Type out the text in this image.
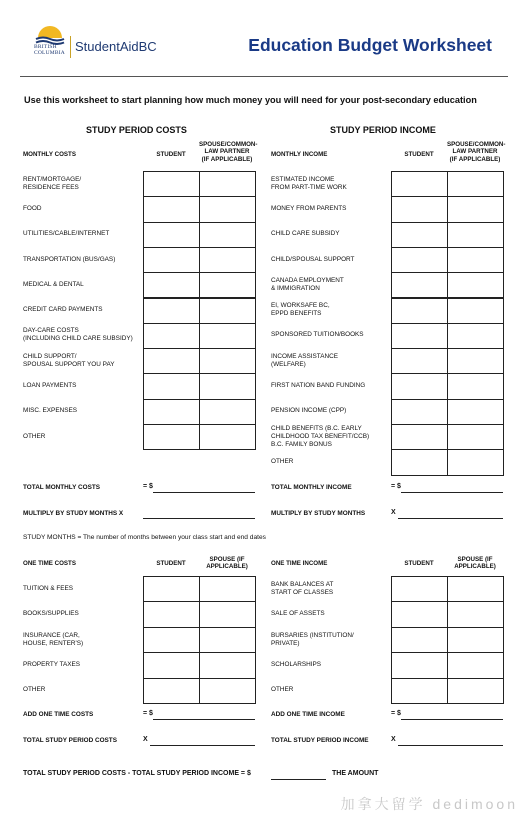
BRITISH
COLUMBIA StudentAidBC	Education Budget Worksheet
Use this worksheet to start planning how much money you will need for your post-secondary education
STUDY PERIOD COSTS
MONTHLY COSTS	STUDENT
SPOUSE/COMMON-
LAW PARTNER
(IF APPLICABLE)
RENT/MORTGAGE/
RESIDENCE FEES
FOOD
UTILITIES/CABLE/INTERNET
TRANSPORTATION (BUS/GAS)
MEDICAL & DENTAL
CREDIT CARD PAYMENTS
DAY-CARE COSTS
(INCLUDING CHILD CARE SUBSIDY)
CHILD SUPPORT/
SPOUSAL SUPPORT YOU PAY
LOAN PAYMENTS
MISC. EXPENSES
OTHER
TOTAL MONTHLY COSTS	= $
MULTIPLY BY STUDY MONTHS X
STUDY PERIOD INCOME
MONTHLY INCOME	STUDENT
SPOUSE/COMMON-
LAW PARTNER
(IF APPLICABLE)
ESTIMATED INCOME
FROM PART-TIME WORK
MONEY FROM PARENTS
CHILD CARE SUBSIDY
CHILD/SPOUSAL SUPPORT
CANADA EMPLOYMENT
& IMMIGRATION
EI, WORKSAFE BC,
EPPD BENEFITS
SPONSORED TUITION/BOOKS
INCOME ASSISTANCE
(WELFARE)
FIRST NATION BAND FUNDING
PENSION INCOME (CPP)
CHILD BENEFITS (B.C. EARLY
CHILDHOOD TAX BENEFIT/CCB)
B.C. FAMILY BONUS
OTHER
TOTAL MONTHLY INCOME	= $
MULTIPLY BY STUDY MONTHS	X
STUDY MONTHS = The number of months between your class start and end dates
ONE TIME COSTS	STUDENT
SPOUSE (IF
APPLICABLE)
TUITION & FEES
BOOKS/SUPPLIES
INSURANCE (CAR,
HOUSE, RENTER'S)
PROPERTY TAXES
OTHER
ADD ONE TIME COSTS	= $
TOTAL STUDY PERIOD COSTS	X
ONE TIME INCOME	STUDENT
SPOUSE (IF
APPLICABLE)
BANK BALANCES AT
START OF CLASSES
SALE OF ASSETS
BURSARIES (INSTITUTION/
PRIVATE)
SCHOLARSHIPS
OTHER
ADD ONE TIME INCOME	= $
TOTAL STUDY PERIOD INCOME	X
TOTAL STUDY PERIOD COSTS - TOTAL STUDY PERIOD INCOME = $	THE AMOUNT
加拿大留学 dedimoon
